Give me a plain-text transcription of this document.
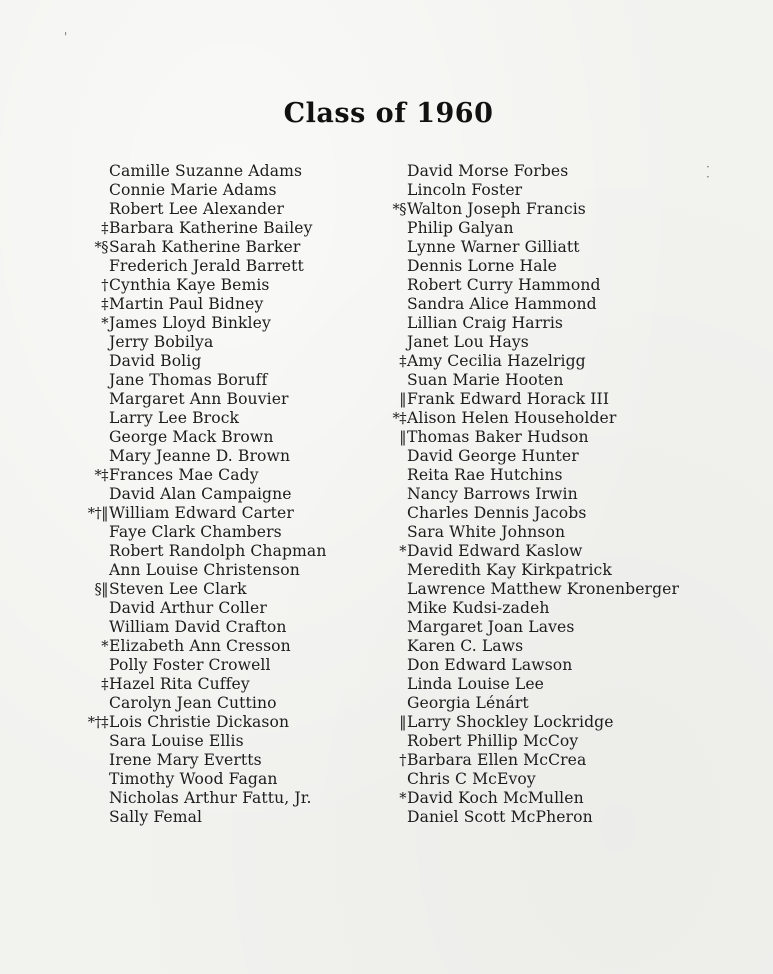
Class of 1960
Camille Suzanne Adams
Connie Marie Adams
Robert Lee Alexander
‡ Barbara Katherine Bailey
*§ Sarah Katherine Barker
Frederich Jerald Barrett
† Cynthia Kaye Bemis
‡ Martin Paul Bidney
* James Lloyd Binkley
Jerry Bobilya
David Bolig
Jane Thomas Boruff
Margaret Ann Bouvier
Larry Lee Brock
George Mack Brown
Mary Jeanne D. Brown
*‡ Frances Mae Cady
David Alan Campaigne
*†‖ William Edward Carter
Faye Clark Chambers
Robert Randolph Chapman
Ann Louise Christenson
§‖ Steven Lee Clark
David Arthur Coller
William David Crafton
* Elizabeth Ann Cresson
Polly Foster Crowell
‡ Hazel Rita Cuffey
Carolyn Jean Cuttino
*†‡ Lois Christie Dickason
Sara Louise Ellis
Irene Mary Evertts
Timothy Wood Fagan
Nicholas Arthur Fattu, Jr.
Sally Femal
David Morse Forbes
Lincoln Foster
*§ Walton Joseph Francis
Philip Galyan
Lynne Warner Gilliatt
Dennis Lorne Hale
Robert Curry Hammond
Sandra Alice Hammond
Lillian Craig Harris
Janet Lou Hays
‡ Amy Cecilia Hazelrigg
Suan Marie Hooten
‖ Frank Edward Horack III
*‡ Alison Helen Householder
‖ Thomas Baker Hudson
David George Hunter
Reita Rae Hutchins
Nancy Barrows Irwin
Charles Dennis Jacobs
Sara White Johnson
* David Edward Kaslow
Meredith Kay Kirkpatrick
Lawrence Matthew Kronenberger
Mike Kudsi-zadeh
Margaret Joan Laves
Karen C. Laws
Don Edward Lawson
Linda Louise Lee
Georgia Lénárt
‖ Larry Shockley Lockridge
Robert Phillip McCoy
† Barbara Ellen McCrea
Chris C McEvoy
* David Koch McMullen
Daniel Scott McPheron
·
·
'
